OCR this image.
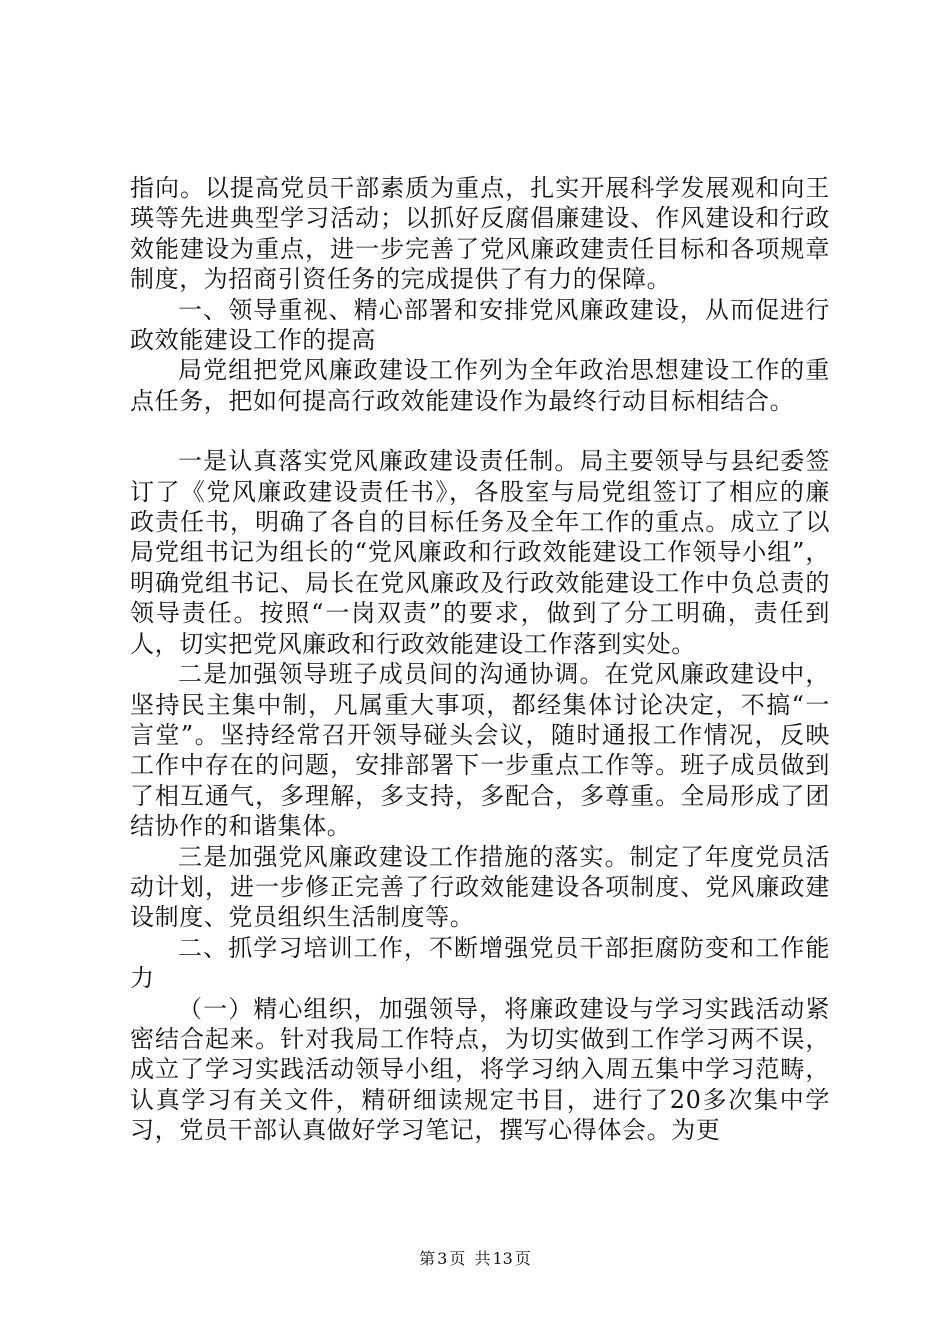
指向。以提高党员干部素质为重点，扎实开展科学发展观和向王瑛等先进典型学习活动；以抓好反腐倡廉建设、作风建设和行政效能建设为重点，进一步完善了党风廉政建责任目标和各项规章制度，为招商引资任务的完成提供了有力的保障。

一、领导重视、精心部署和安排党风廉政建设，从而促进行政效能建设工作的提高

局党组把党风廉政建设工作列为全年政治思想建设工作的重点任务，把如何提高行政效能建设作为最终行动目标相结合。

一是认真落实党风廉政建设责任制。局主要领导与县纪委签订了《党风廉政建设责任书》，各股室与局党组签订了相应的廉政责任书，明确了各自的目标任务及全年工作的重点。成立了以局党组书记为组长的“党风廉政和行政效能建设工作领导小组”，明确党组书记、局长在党风廉政及行政效能建设工作中负总责的领导责任。按照“一岗双责”的要求，做到了分工明确，责任到人，切实把党风廉政和行政效能建设工作落到实处。

二是加强领导班子成员间的沟通协调。在党风廉政建设中，坚持民主集中制，凡属重大事项，都经集体讨论决定，不搞“一言堂”。坚持经常召开领导碰头会议，随时通报工作情况，反映工作中存在的问题，安排部署下一步重点工作等。班子成员做到了相互通气，多理解，多支持，多配合，多尊重。全局形成了团结协作的和谐集体。

三是加强党风廉政建设工作措施的落实。制定了年度党员活动计划，进一步修正完善了行政效能建设各项制度、党风廉政建设制度、党员组织生活制度等。

二、抓学习培训工作，不断增强党员干部拒腐防变和工作能力

（一）精心组织，加强领导，将廉政建设与学习实践活动紧密结合起来。针对我局工作特点，为切实做到工作学习两不误，成立了学习实践活动领导小组，将学习纳入周五集中学习范畴，认真学习有关文件，精研细读规定书目，进行了20多次集中学习，党员干部认真做好学习笔记，撰写心得体会。为更

第 3 页 共 13 页
